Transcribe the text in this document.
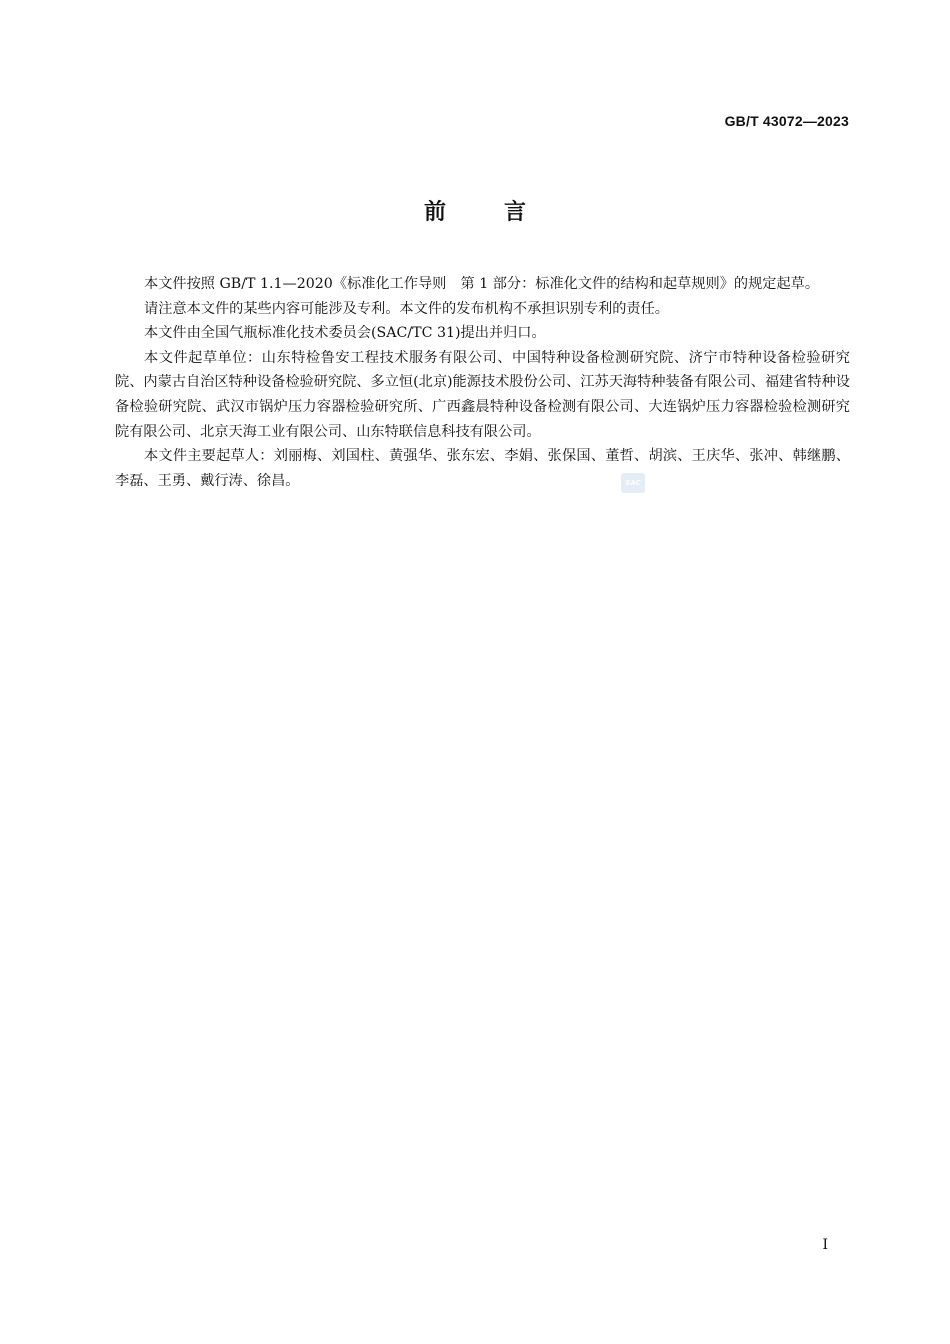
GB/T 43072—2023
前言

本文件按照 GB/T 1.1—2020《标准化工作导则　第 1 部分：标准化文件的结构和起草规则》的规定起草。

请注意本文件的某些内容可能涉及专利。本文件的发布机构不承担识别专利的责任。

本文件由全国气瓶标准化技术委员会(SAC/TC 31)提出并归口。

本文件起草单位：山东特检鲁安工程技术服务有限公司、中国特种设备检测研究院、济宁市特种设备检验研究院、内蒙古自治区特种设备检验研究院、多立恒(北京)能源技术股份公司、江苏天海特种装备有限公司、福建省特种设备检验研究院、武汉市锅炉压力容器检验研究所、广西鑫晨特种设备检测有限公司、大连锅炉压力容器检验检测研究院有限公司、北京天海工业有限公司、山东特联信息科技有限公司。

本文件主要起草人：刘丽梅、刘国柱、黄强华、张东宏、李娟、张保国、董哲、胡滨、王庆华、张冲、韩继鹏、李磊、王勇、戴行涛、徐昌。	SAC
I
